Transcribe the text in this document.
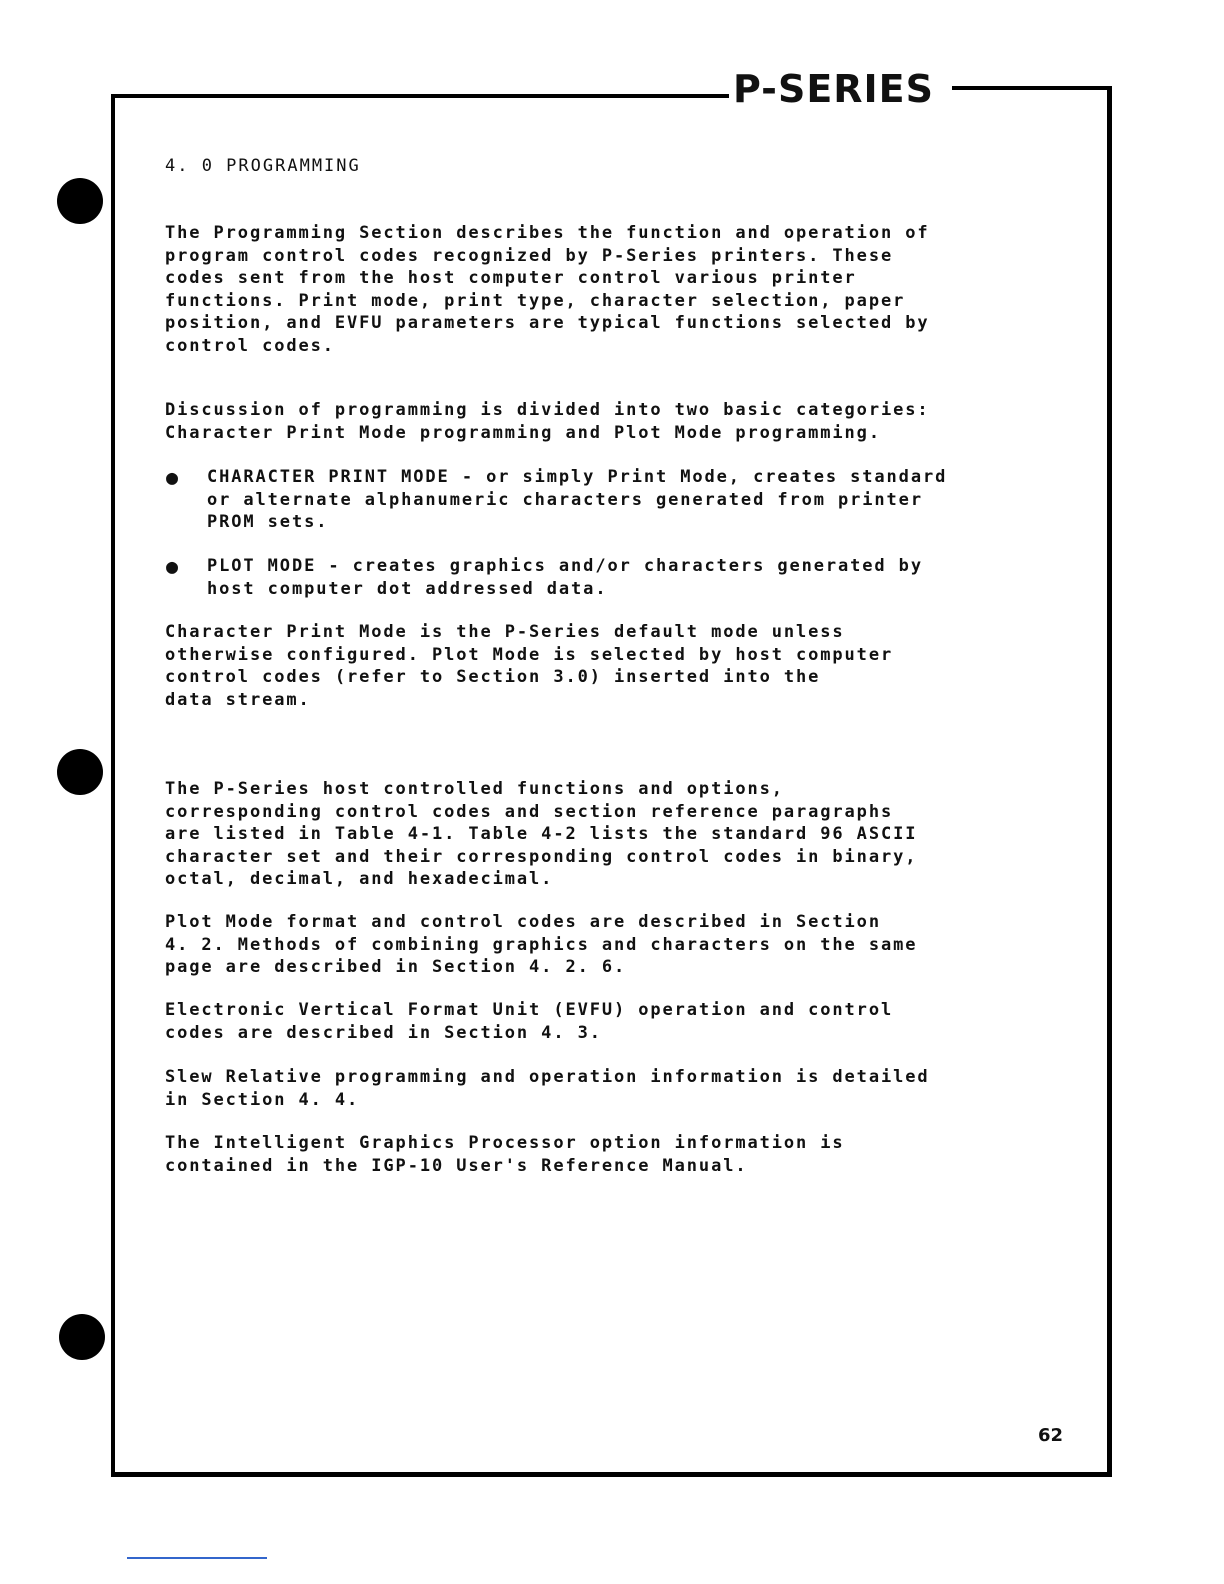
P-SERIES
4. 0 PROGRAMMING

The Programming Section describes the function and operation of
program control codes recognized by P-Series printers. These
codes sent from the host computer control various printer
functions. Print mode, print type, character selection, paper
position, and EVFU parameters are typical functions selected by
control codes.

Discussion of programming is divided into two basic categories:
Character Print Mode programming and Plot Mode programming.

● CHARACTER PRINT MODE - or simply Print Mode, creates standard
or alternate alphanumeric characters generated from printer
PROM sets.

● PLOT MODE - creates graphics and/or characters generated by
host computer dot addressed data.

Character Print Mode is the P-Series default mode unless
otherwise configured. Plot Mode is selected by host computer
control codes (refer to Section 3.0) inserted into the
data stream.

The P-Series host controlled functions and options,
corresponding control codes and section reference paragraphs
are listed in Table 4-1. Table 4-2 lists the standard 96 ASCII
character set and their corresponding control codes in binary,
octal, decimal, and hexadecimal.

Plot Mode format and control codes are described in Section
4. 2. Methods of combining graphics and characters on the same
page are described in Section 4. 2. 6.

Electronic Vertical Format Unit (EVFU) operation and control
codes are described in Section 4. 3.

Slew Relative programming and operation information is detailed
in Section 4. 4.

The Intelligent Graphics Processor option information is
contained in the IGP-10 User's Reference Manual.

62
